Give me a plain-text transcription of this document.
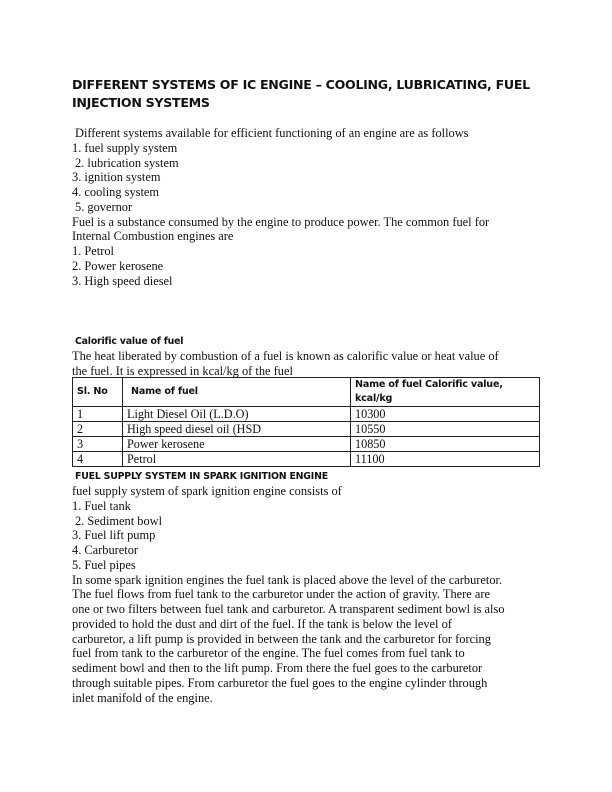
DIFFERENT SYSTEMS OF IC ENGINE – COOLING, LUBRICATING, FUEL
INJECTION SYSTEMS
Different systems available for efficient functioning of an engine are as follows
1. fuel supply system
2. lubrication system
3. ignition system
4. cooling system
5. governor
Fuel is a substance consumed by the engine to produce power. The common fuel for
Internal Combustion engines are
1. Petrol
2. Power kerosene
3. High speed diesel
Calorific value of fuel
The heat liberated by combustion of a fuel is known as calorific value or heat value of
the fuel. It is expressed in kcal/kg of the fuel
Sl. No	Name of fuel	Name of fuel Calorific value, kcal/kg
1	Light Diesel Oil (L.D.O)	10300
2	High speed diesel oil (HSD	10550
3	Power kerosene	10850
4	Petrol	11100
FUEL SUPPLY SYSTEM IN SPARK IGNITION ENGINE
fuel supply system of spark ignition engine consists of
1. Fuel tank
2. Sediment bowl
3. Fuel lift pump
4. Carburetor
5. Fuel pipes
In some spark ignition engines the fuel tank is placed above the level of the carburetor.
The fuel flows from fuel tank to the carburetor under the action of gravity. There are
one or two filters between fuel tank and carburetor. A transparent sediment bowl is also
provided to hold the dust and dirt of the fuel. If the tank is below the level of
carburetor, a lift pump is provided in between the tank and the carburetor for forcing
fuel from tank to the carburetor of the engine. The fuel comes from fuel tank to
sediment bowl and then to the lift pump. From there the fuel goes to the carburetor
through suitable pipes. From carburetor the fuel goes to the engine cylinder through
inlet manifold of the engine.
